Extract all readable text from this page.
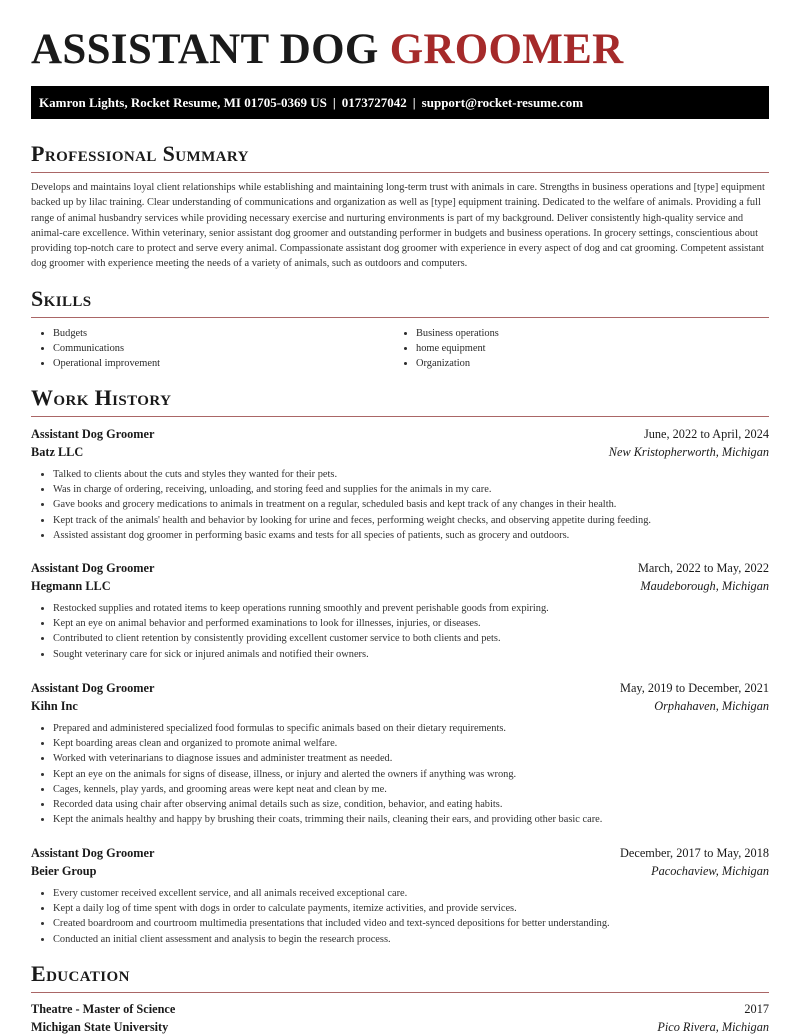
ASSISTANT DOG GROOMER
Kamron Lights, Rocket Resume, MI 01705-0369 US | 0173727042 | support@rocket-resume.com
Professional Summary

Develops and maintains loyal client relationships while establishing and maintaining long-term trust with animals in care. Strengths in business operations and [type] equipment backed up by lilac training. Clear understanding of communications and organization as well as [type] equipment training. Dedicated to the welfare of animals. Providing a full range of animal husbandry services while providing necessary exercise and nurturing environments is part of my background. Deliver consistently high-quality service and animal-care excellence. Within veterinary, senior assistant dog groomer and outstanding performer in budgets and business operations. In grocery settings, conscientious about providing top-notch care to protect and serve every animal. Compassionate assistant dog groomer with experience in every aspect of dog and cat grooming. Competent assistant dog groomer with experience meeting the needs of a variety of animals, such as outdoors and computers.

Skills
• Budgets
• Communications
• Operational improvement
• Business operations
• home equipment
• Organization
Work History
Assistant Dog Groomer	June, 2022 to April, 2024
Batz LLC	New Kristopherworth, Michigan
• Talked to clients about the cuts and styles they wanted for their pets.
• Was in charge of ordering, receiving, unloading, and storing feed and supplies for the animals in my care.
• Gave books and grocery medications to animals in treatment on a regular, scheduled basis and kept track of any changes in their health.
• Kept track of the animals' health and behavior by looking for urine and feces, performing weight checks, and observing appetite during feeding.
• Assisted assistant dog groomer in performing basic exams and tests for all species of patients, such as grocery and outdoors.
Assistant Dog Groomer	March, 2022 to May, 2022
Hegmann LLC	Maudeborough, Michigan
• Restocked supplies and rotated items to keep operations running smoothly and prevent perishable goods from expiring.
• Kept an eye on animal behavior and performed examinations to look for illnesses, injuries, or diseases.
• Contributed to client retention by consistently providing excellent customer service to both clients and pets.
• Sought veterinary care for sick or injured animals and notified their owners.
Assistant Dog Groomer	May, 2019 to December, 2021
Kihn Inc	Orphahaven, Michigan
• Prepared and administered specialized food formulas to specific animals based on their dietary requirements.
• Kept boarding areas clean and organized to promote animal welfare.
• Worked with veterinarians to diagnose issues and administer treatment as needed.
• Kept an eye on the animals for signs of disease, illness, or injury and alerted the owners if anything was wrong.
• Cages, kennels, play yards, and grooming areas were kept neat and clean by me.
• Recorded data using chair after observing animal details such as size, condition, behavior, and eating habits.
• Kept the animals healthy and happy by brushing their coats, trimming their nails, cleaning their ears, and providing other basic care.
Assistant Dog Groomer	December, 2017 to May, 2018
Beier Group	Pacochaview, Michigan
• Every customer received excellent service, and all animals received exceptional care.
• Kept a daily log of time spent with dogs in order to calculate payments, itemize activities, and provide services.
• Created boardroom and courtroom multimedia presentations that included video and text-synced depositions for better understanding.
• Conducted an initial client assessment and analysis to begin the research process.
Education
Theatre - Master of Science	2017
Michigan State University	Pico Rivera, Michigan
